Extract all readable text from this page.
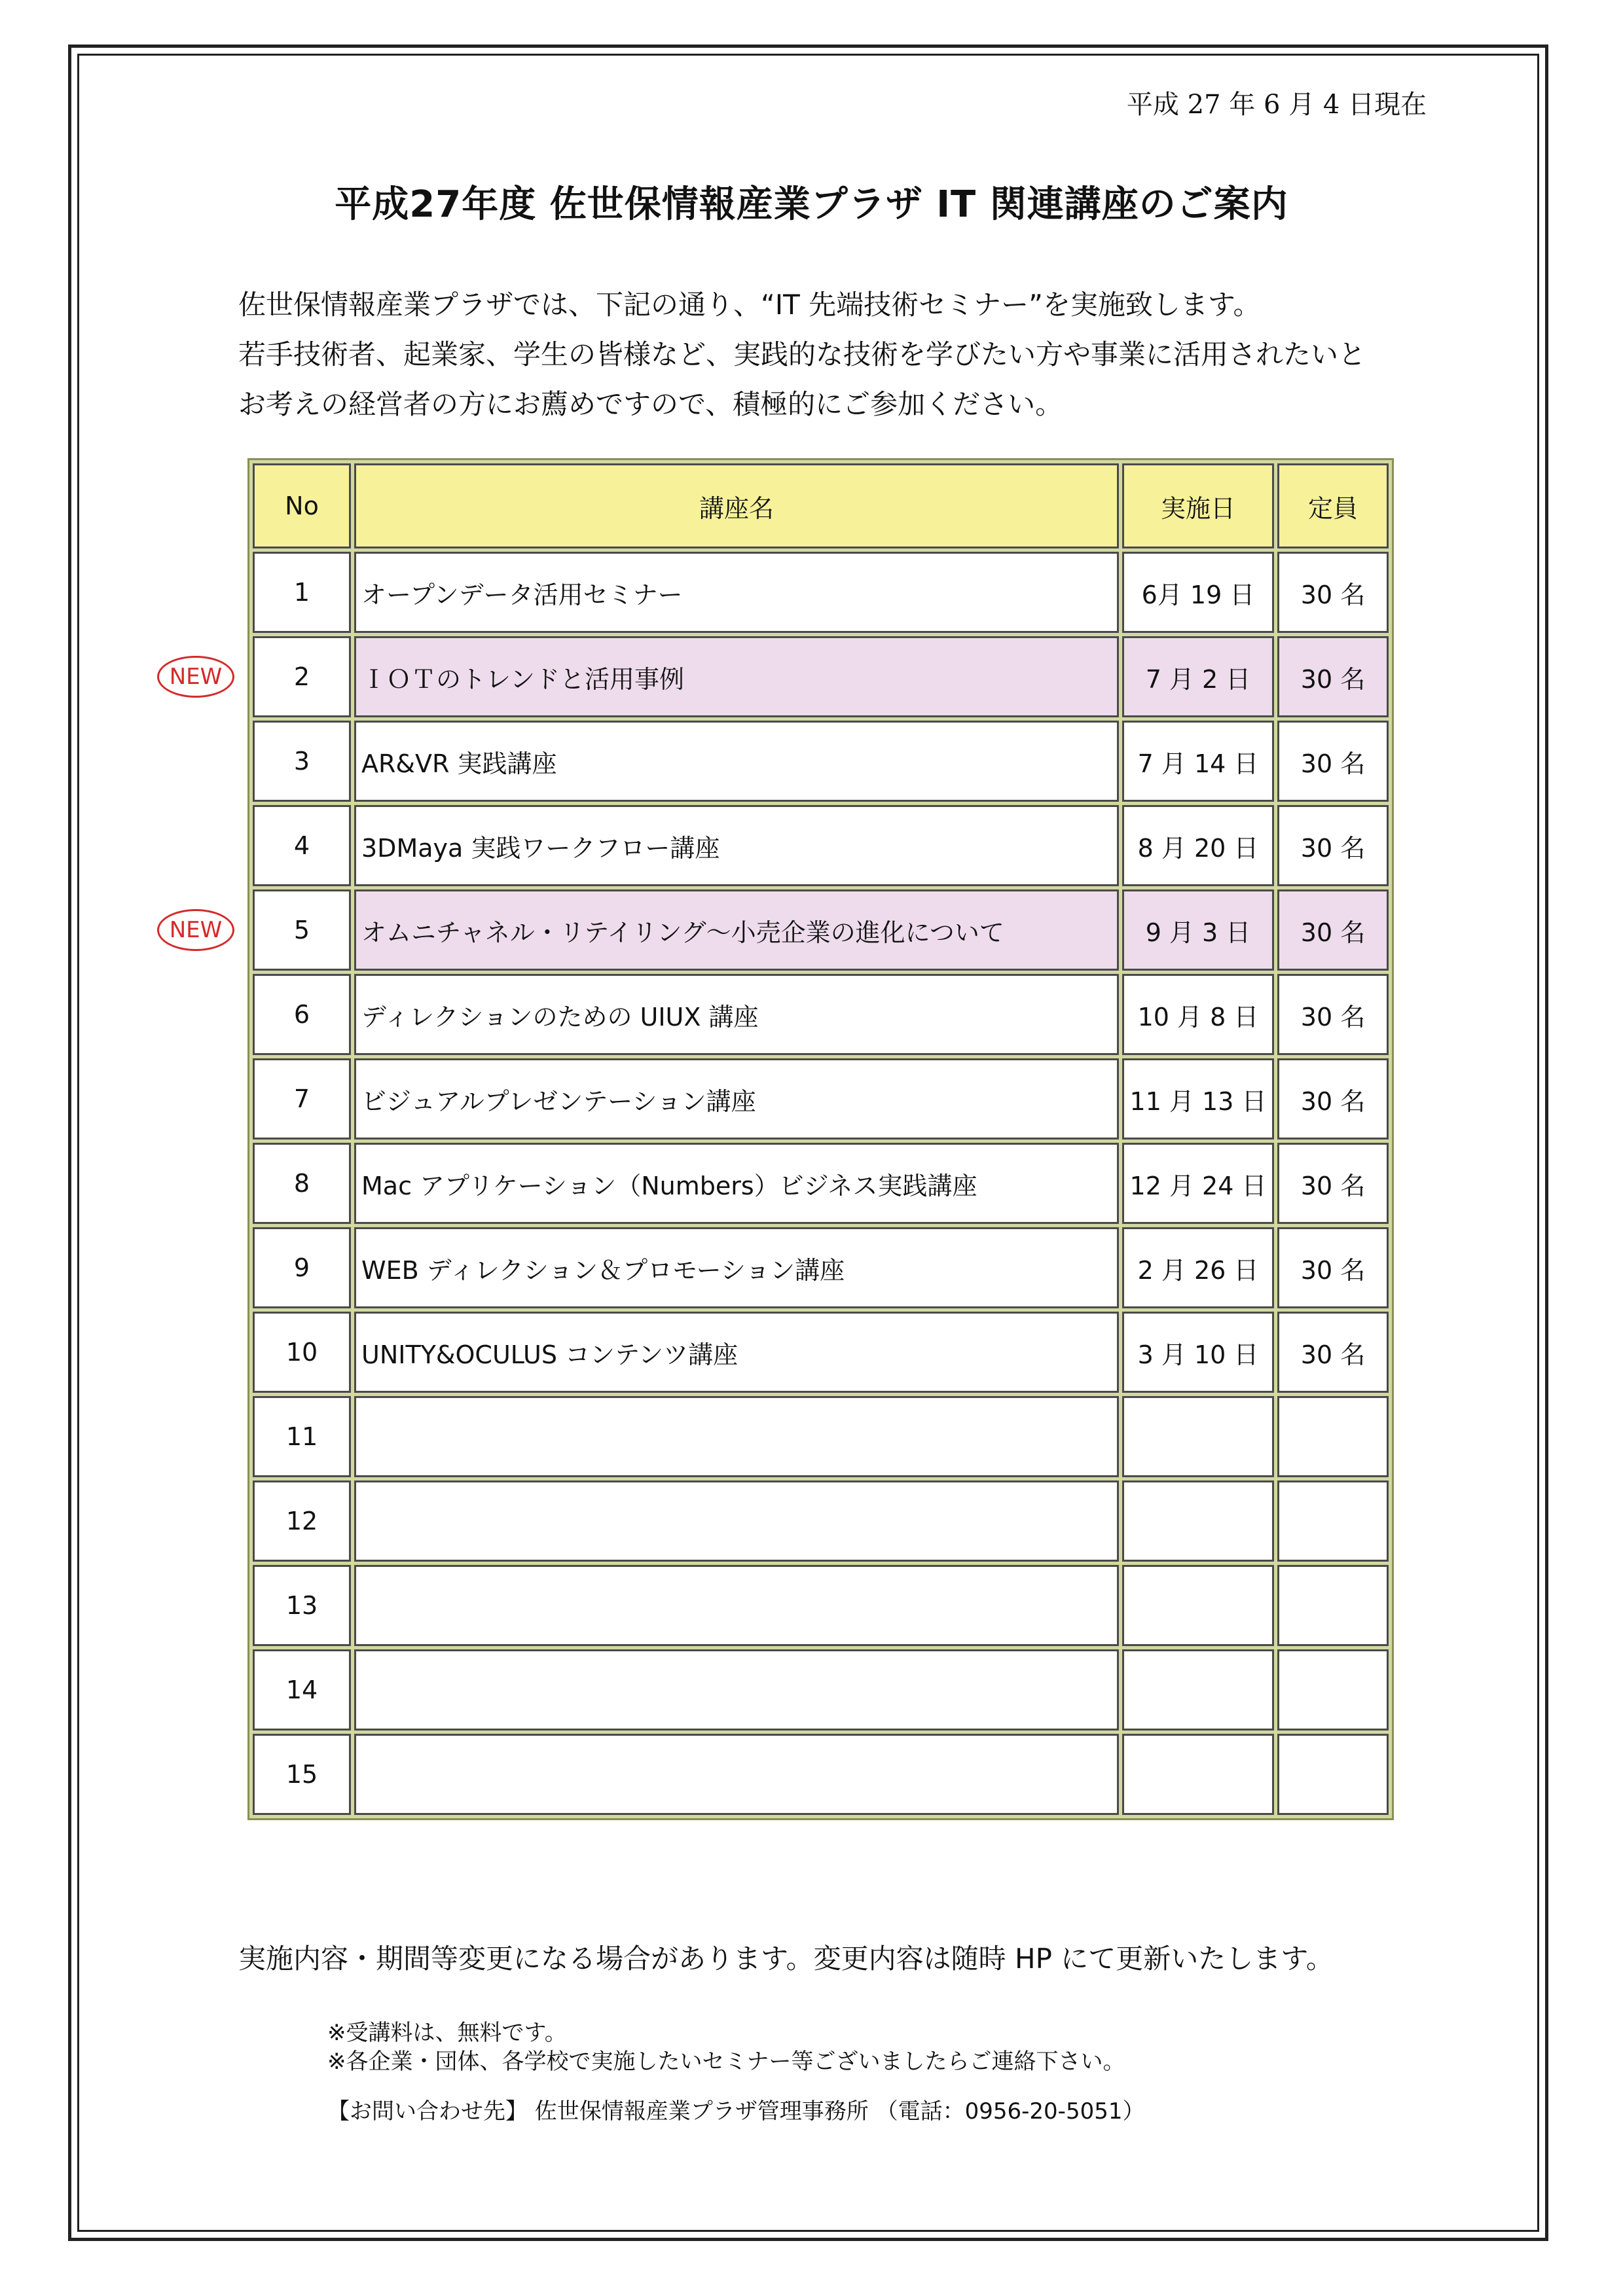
平成 27 年 6 月 4 日現在
平成27年度 佐世保情報産業プラザ IT 関連講座のご案内

佐世保情報産業プラザでは、下記の通り、“IT 先端技術セミナー”を実施致します。

若手技術者、起業家、学生の皆様など、実践的な技術を学びたい方や事業に活用されたいと

お考えの経営者の方にお薦めですので、積極的にご参加ください。

NEW
NEW
No	講座名	実施日	定員
1	オープンデータ活用セミナー	6月 19 日	30 名
2	ＩＯＴのトレンドと活用事例	7 月 2 日	30 名
3	AR&VR 実践講座	7 月 14 日	30 名
4	3DMaya 実践ワークフロー講座	8 月 20 日	30 名
5	オムニチャネル・リテイリング～小売企業の進化について	9 月 3 日	30 名
6	ディレクションのための UIUX 講座	10 月 8 日	30 名
7	ビジュアルプレゼンテーション講座	11 月 13 日	30 名
8	Mac アプリケーション（Numbers）ビジネス実践講座	12 月 24 日	30 名
9	WEB ディレクション＆プロモーション講座	2 月 26 日	30 名
10	UNITY&OCULUS コンテンツ講座	3 月 10 日	30 名
11			
12			
13			
14			
15			
実施内容・期間等変更になる場合があります。変更内容は随時 HP にて更新いたします。
※受講料は、無料です。
※各企業・団体、各学校で実施したいセミナー等ございましたらご連絡下さい。
【お問い合わせ先】 佐世保情報産業プラザ管理事務所 （電話：0956-20-5051）
